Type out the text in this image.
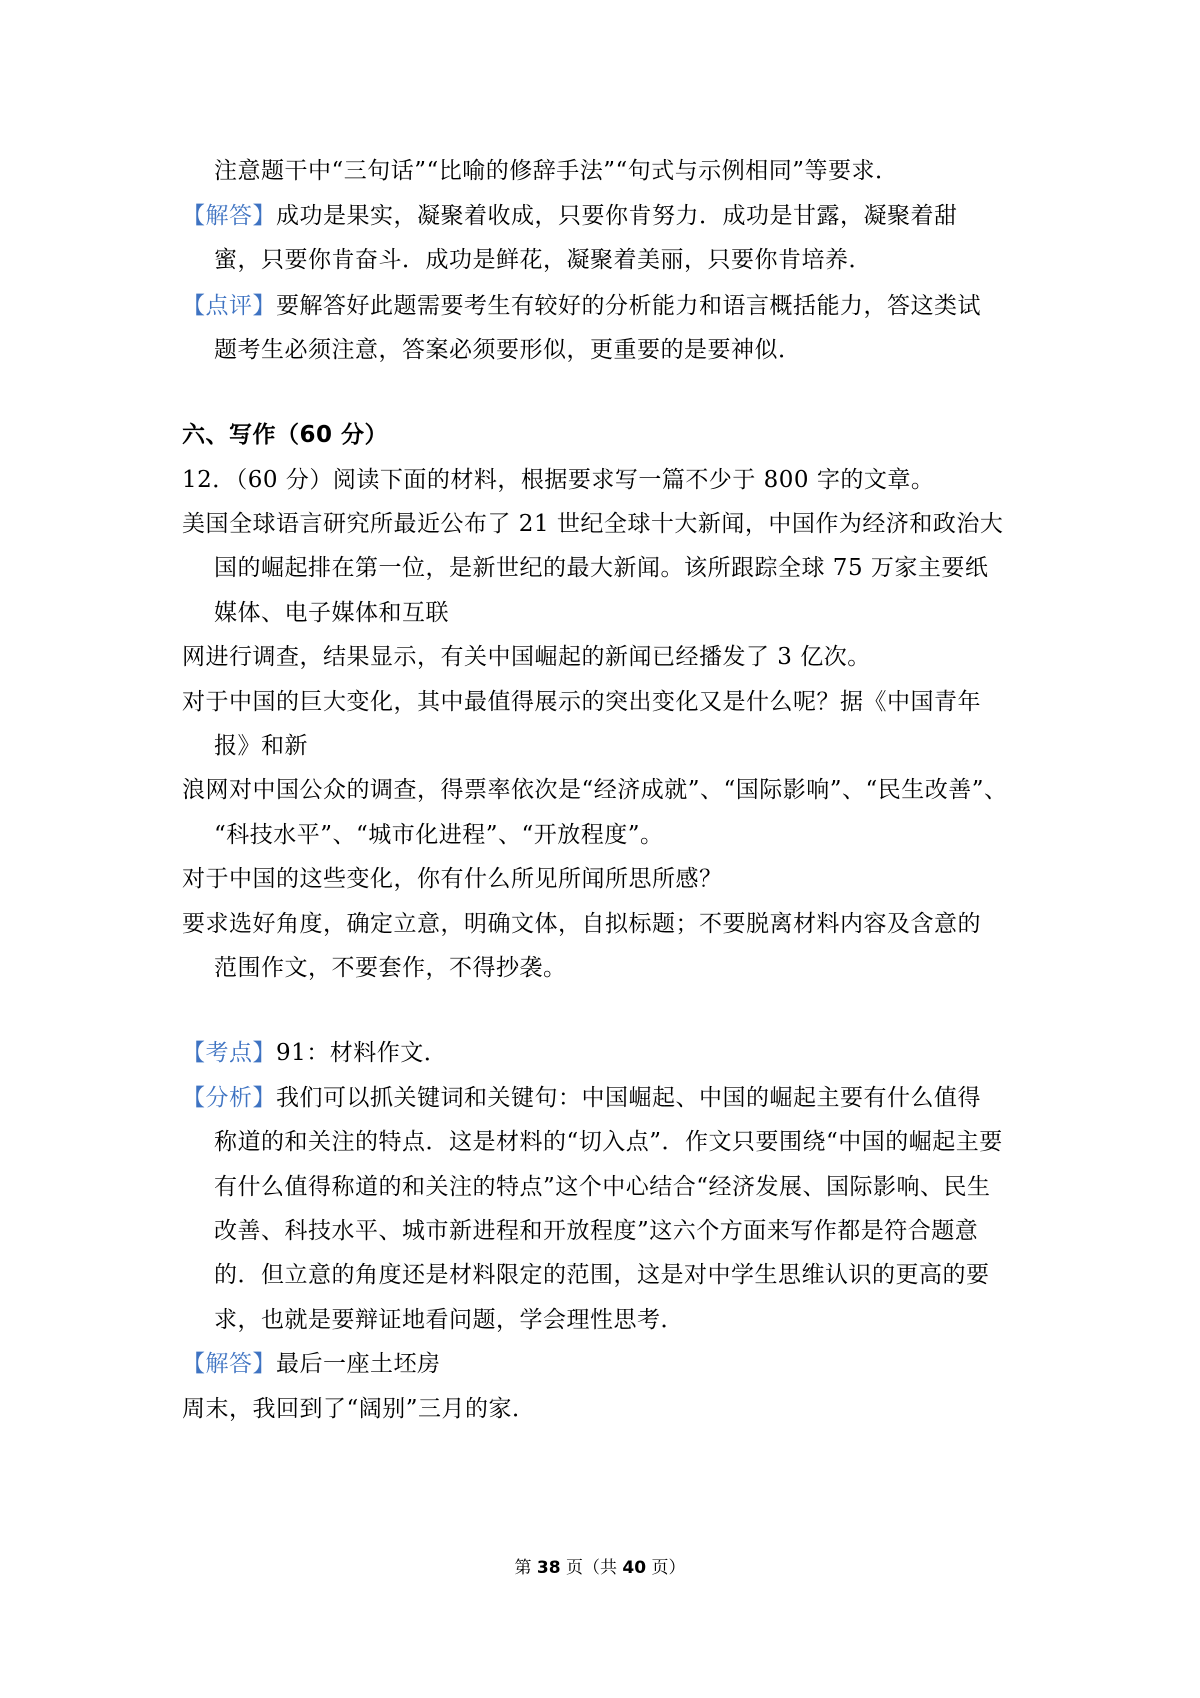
注意题干中“三句话”“比喻的修辞手法”“句式与示例相同”等要求．
【解答】成功是果实，凝聚着收成，只要你肯努力．成功是甘露，凝聚着甜
蜜，只要你肯奋斗．成功是鲜花，凝聚着美丽，只要你肯培养．
【点评】要解答好此题需要考生有较好的分析能力和语言概括能力，答这类试
题考生必须注意，答案必须要形似，更重要的是要神似．
六、写作（60 分）
12．（60 分）阅读下面的材料，根据要求写一篇不少于 800 字的文章。
美国全球语言研究所最近公布了 21 世纪全球十大新闻，中国作为经济和政治大
国的崛起排在第一位，是新世纪的最大新闻。该所跟踪全球 75 万家主要纸
媒体、电子媒体和互联
网进行调查，结果显示，有关中国崛起的新闻已经播发了 3 亿次。
对于中国的巨大变化，其中最值得展示的突出变化又是什么呢？据《中国青年
报》和新
浪网对中国公众的调查，得票率依次是“经济成就”、“国际影响”、“民生改善”、
“科技水平”、“城市化进程”、“开放程度”。
对于中国的这些变化，你有什么所见所闻所思所感？
要求选好角度，确定立意，明确文体，自拟标题；不要脱离材料内容及含意的
范围作文，不要套作，不得抄袭。
【考点】91：材料作文．
【分析】我们可以抓关键词和关键句：中国崛起、中国的崛起主要有什么值得
称道的和关注的特点．这是材料的“切入点”．作文只要围绕“中国的崛起主要
有什么值得称道的和关注的特点”这个中心结合“经济发展、国际影响、民生
改善、科技水平、城市新进程和开放程度”这六个方面来写作都是符合题意
的．但立意的角度还是材料限定的范围，这是对中学生思维认识的更高的要
求，也就是要辩证地看问题，学会理性思考．
【解答】最后一座土坯房
周末，我回到了“阔别”三月的家．
第 38 页（共 40 页）
